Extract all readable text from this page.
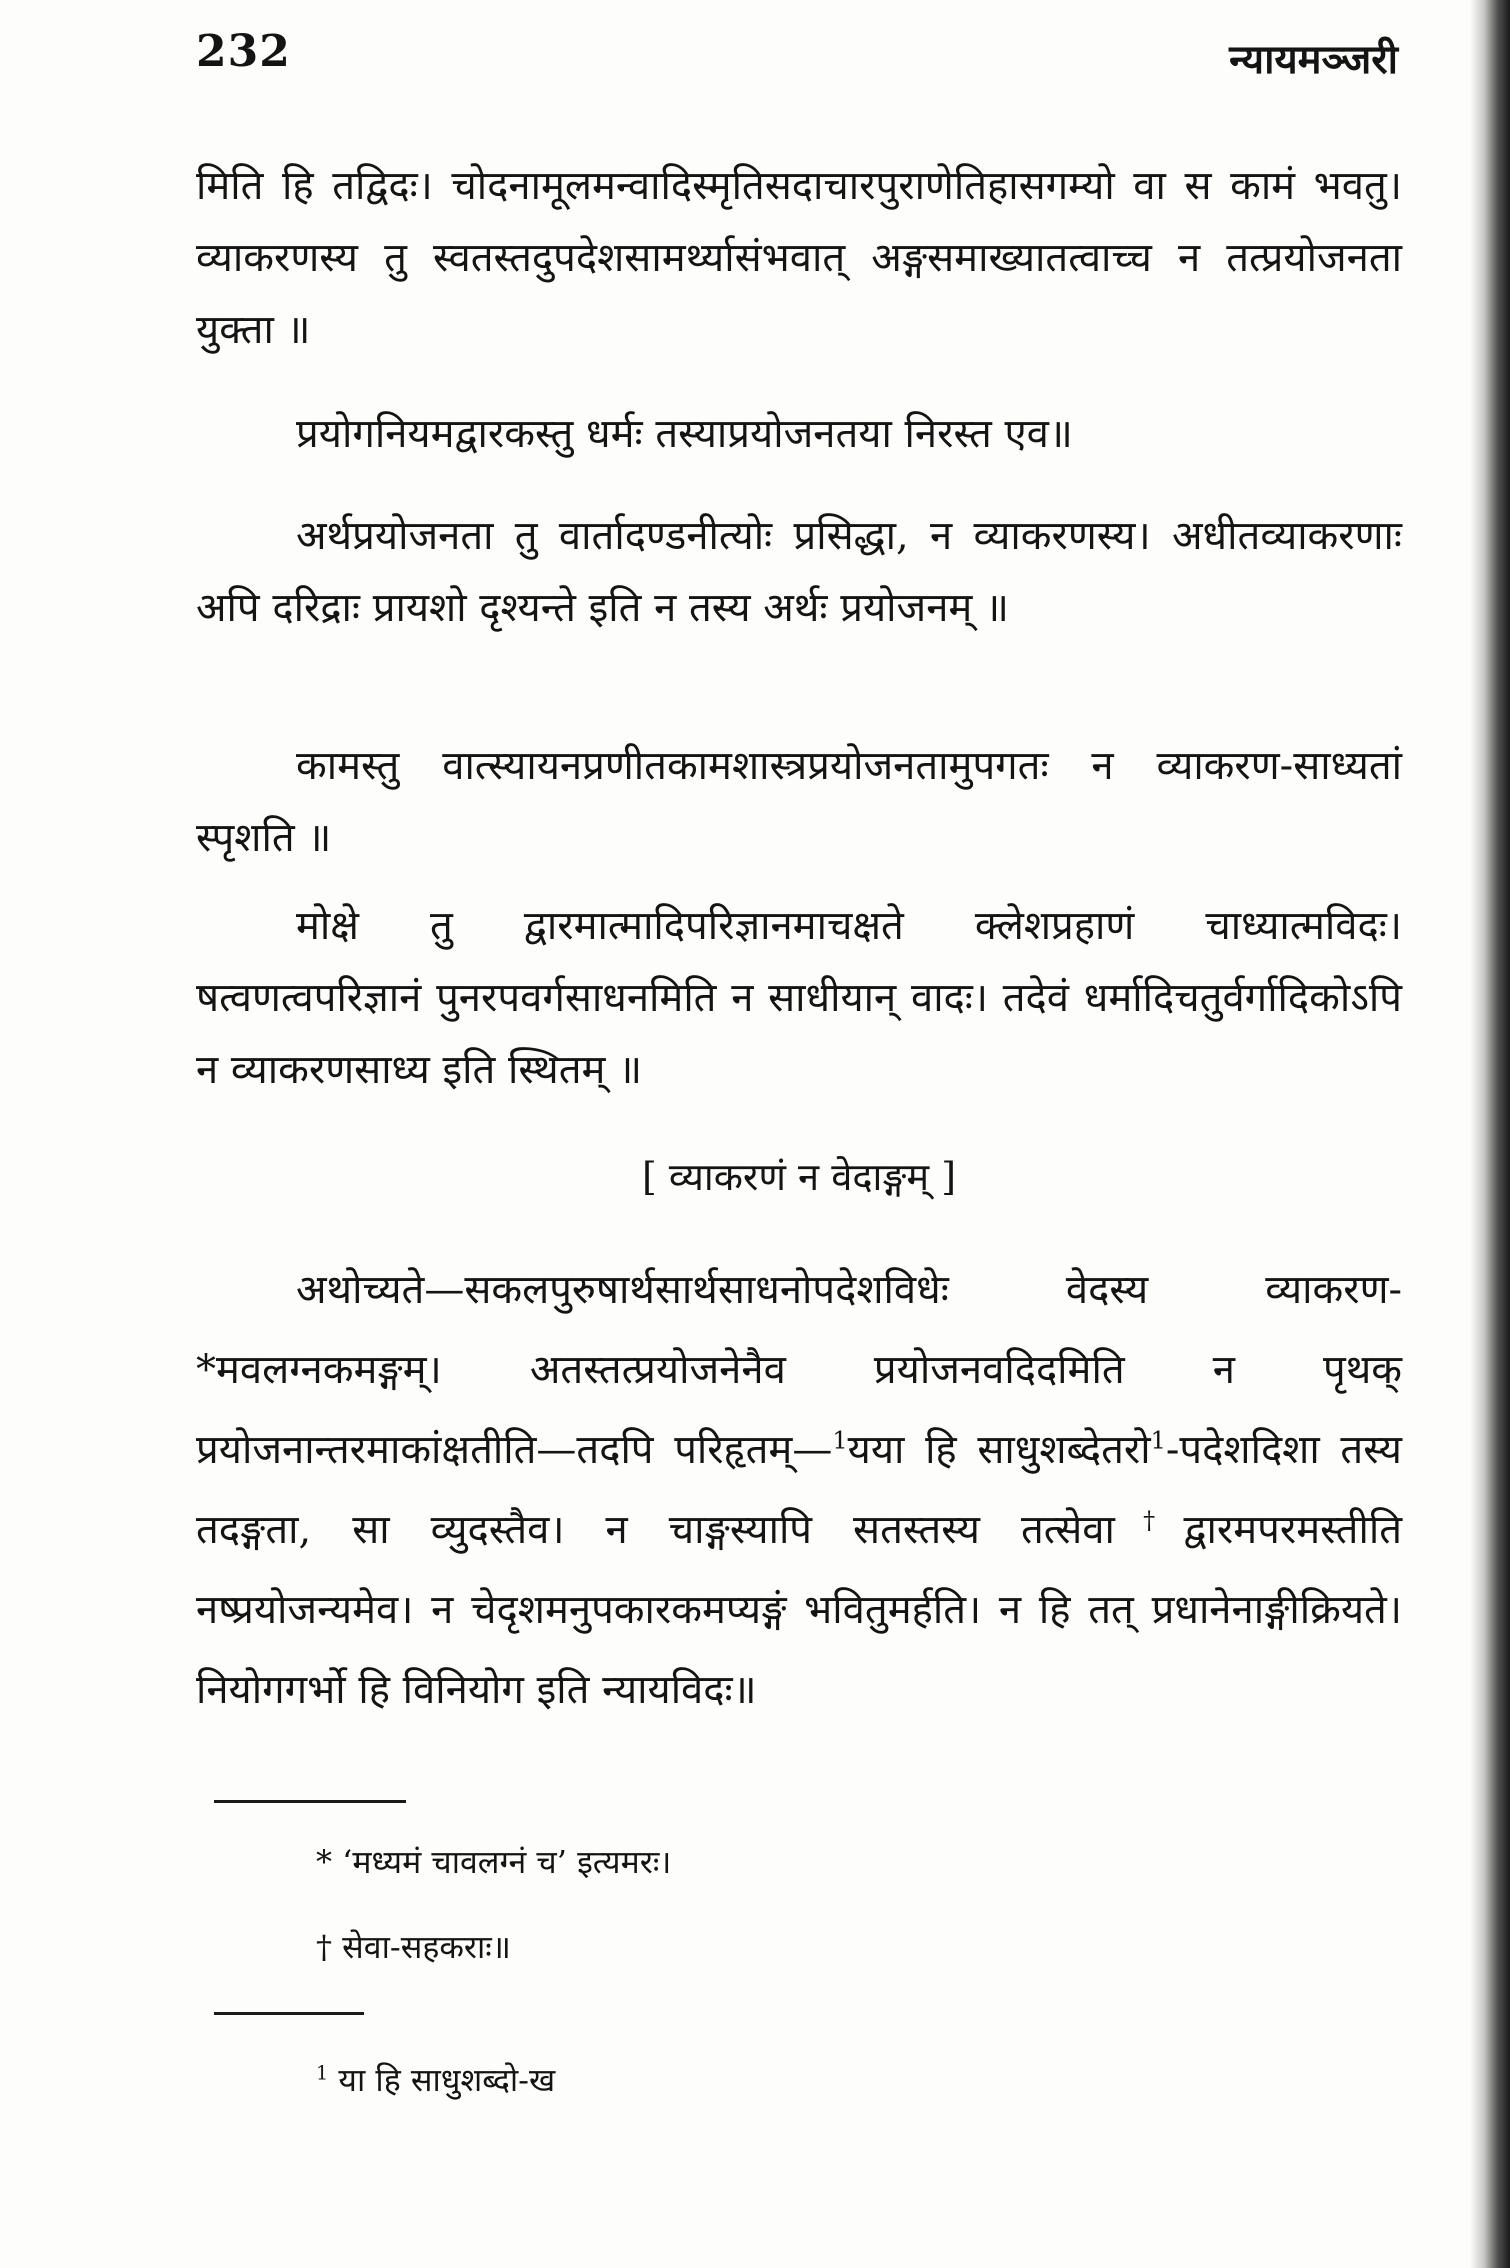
232	न्यायमञ्जरी

मिति हि तद्विदः। चोदनामूलमन्वादिस्मृतिसदाचारपुराणेतिहासगम्यो वा स कामं भवतु। व्याकरणस्य तु स्वतस्तदुपदेशसामर्थ्यासंभवात् अङ्गसमाख्यातत्वाच्च न तत्प्रयोजनता युक्ता ॥

प्रयोगनियमद्वारकस्तु धर्मः तस्याप्रयोजनतया निरस्त एव॥

अर्थप्रयोजनता तु वार्तादण्डनीत्योः प्रसिद्धा, न व्याकरणस्य। अधीतव्याकरणाः अपि दरिद्राः प्रायशो दृश्यन्ते इति न तस्य अर्थः प्रयोजनम् ॥

कामस्तु वात्स्यायनप्रणीतकामशास्त्रप्रयोजनतामुपगतः न व्याकरण-साध्यतां स्पृशति ॥

मोक्षे तु द्वारमात्मादिपरिज्ञानमाचक्षते क्लेशप्रहाणं चाध्यात्मविदः। षत्वणत्वपरिज्ञानं पुनरपवर्गसाधनमिति न साधीयान् वादः। तदेवं धर्मादिचतुर्वर्गादिकोऽपि न व्याकरणसाध्य इति स्थितम् ॥

[ व्याकरणं न वेदाङ्गम् ]

अथोच्यते—सकलपुरुषार्थसार्थसाधनोपदेशविधेः वेदस्य व्याकरण- *मवलग्नकमङ्गम्। अतस्तत्प्रयोजनेनैव प्रयोजनवदिदमिति न पृथक् प्रयोजनान्तरमाकांक्षतीति—तदपि परिहृतम्—$^1$यया हि साधुशब्देतरो$^1$-पदेशदिशा तस्य तदङ्गता, सा व्युदस्तैव। न चाङ्गस्यापि सतस्तस्य तत्सेवा†द्वारमपरमस्तीति नष्प्रयोजन्यमेव। न चेदृशमनुपकारकमप्यङ्गं भवितुमर्हति। न हि तत् प्रधानेनाङ्गीक्रियते। नियोगगर्भो हि विनियोग इति न्यायविदः॥

* ‘मध्यमं चावलग्नं च’ इत्यमरः।
† सेवा-सहकराः॥
$^1$ या हि साधुशब्दो-ख
